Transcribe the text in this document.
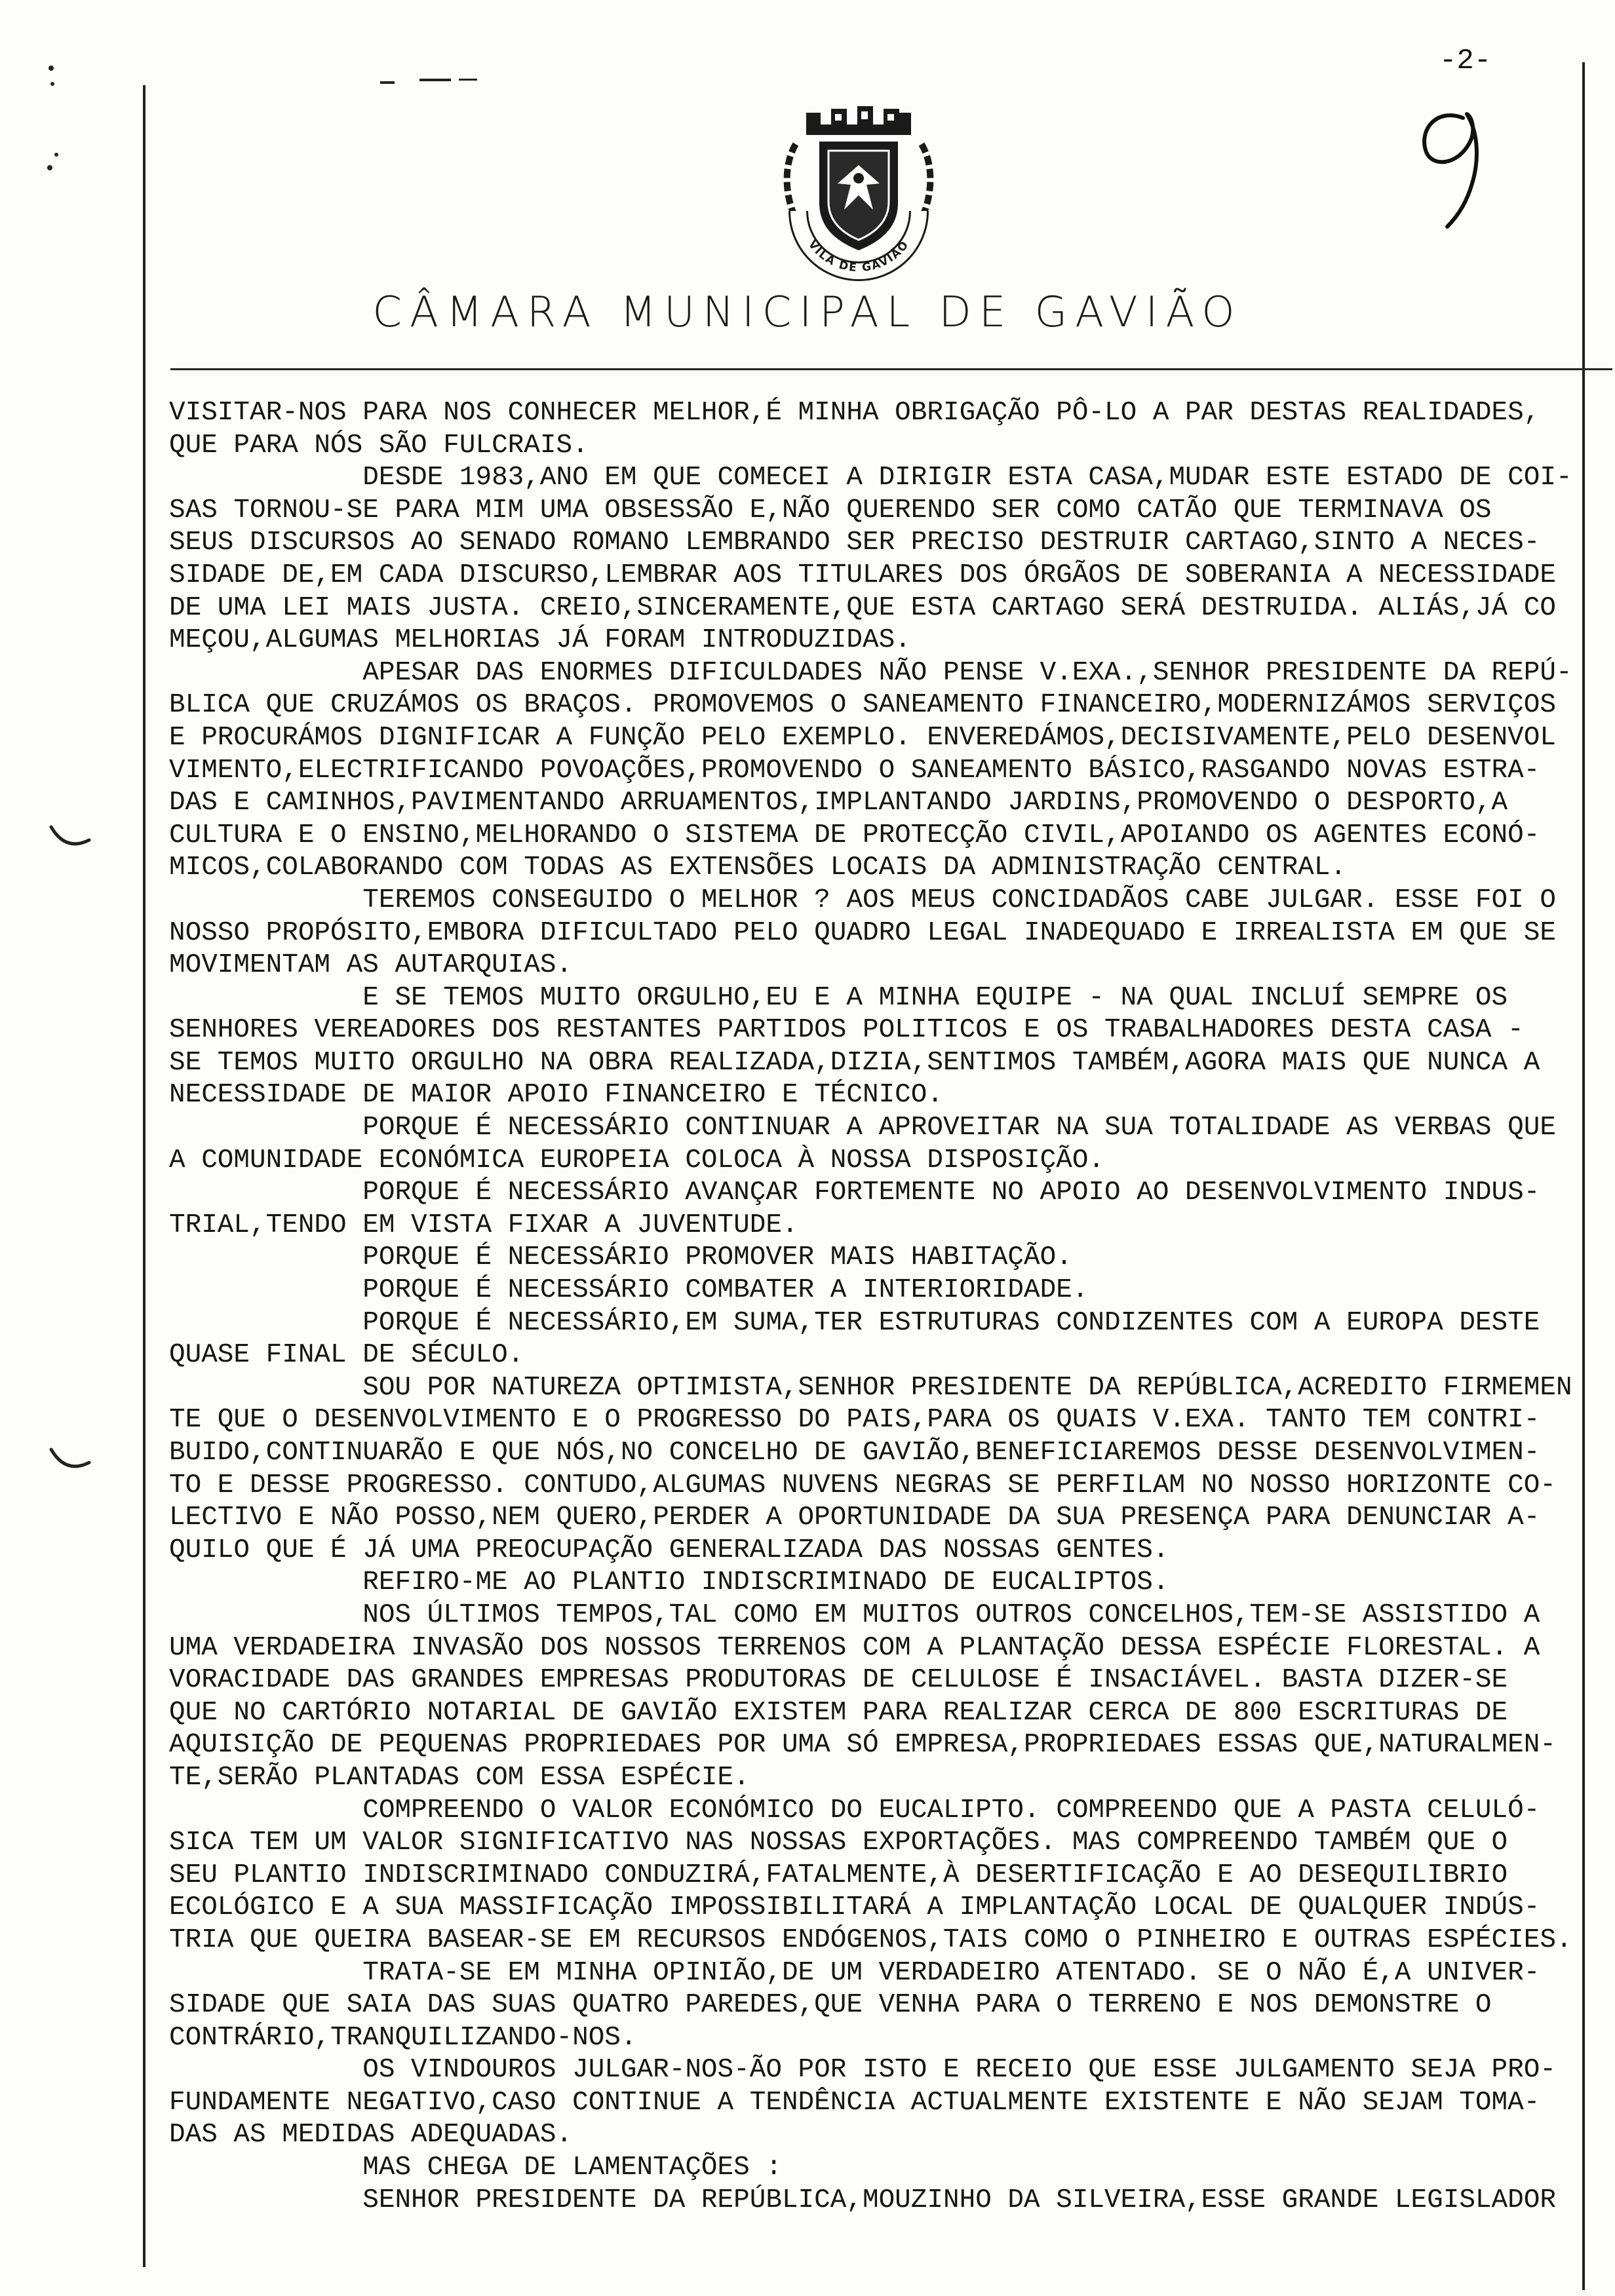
-2-
VILA DE GAVIÃO
CÂMARA MUNICIPAL DE GAVIÃO
VISITAR-NOS PARA NOS CONHECER MELHOR,É MINHA OBRIGAÇÃO PÔ-LO A PAR DESTAS REALIDADES,
QUE PARA NÓS SÃO FULCRAIS.
DESDE 1983,ANO EM QUE COMECEI A DIRIGIR ESTA CASA,MUDAR ESTE ESTADO DE COI-
SAS TORNOU-SE PARA MIM UMA OBSESSÃO E,NÃO QUERENDO SER COMO CATÃO QUE TERMINAVA OS
SEUS DISCURSOS AO SENADO ROMANO LEMBRANDO SER PRECISO DESTRUIR CARTAGO,SINTO A NECES-
SIDADE DE,EM CADA DISCURSO,LEMBRAR AOS TITULARES DOS ÓRGÃOS DE SOBERANIA A NECESSIDADE
DE UMA LEI MAIS JUSTA. CREIO,SINCERAMENTE,QUE ESTA CARTAGO SERÁ DESTRUIDA. ALIÁS,JÁ CO
MEÇOU,ALGUMAS MELHORIAS JÁ FORAM INTRODUZIDAS.
APESAR DAS ENORMES DIFICULDADES NÃO PENSE V.EXA.,SENHOR PRESIDENTE DA REPÚ-
BLICA QUE CRUZÁMOS OS BRAÇOS. PROMOVEMOS O SANEAMENTO FINANCEIRO,MODERNIZÁMOS SERVIÇOS
E PROCURÁMOS DIGNIFICAR A FUNÇÃO PELO EXEMPLO. ENVEREDÁMOS,DECISIVAMENTE,PELO DESENVOL
VIMENTO,ELECTRIFICANDO POVOAÇÕES,PROMOVENDO O SANEAMENTO BÁSICO,RASGANDO NOVAS ESTRA-
DAS E CAMINHOS,PAVIMENTANDO ARRUAMENTOS,IMPLANTANDO JARDINS,PROMOVENDO O DESPORTO,A
CULTURA E O ENSINO,MELHORANDO O SISTEMA DE PROTECÇÃO CIVIL,APOIANDO OS AGENTES ECONÓ-
MICOS,COLABORANDO COM TODAS AS EXTENSÕES LOCAIS DA ADMINISTRAÇÃO CENTRAL.
TEREMOS CONSEGUIDO O MELHOR ? AOS MEUS CONCIDADÃOS CABE JULGAR. ESSE FOI O
NOSSO PROPÓSITO,EMBORA DIFICULTADO PELO QUADRO LEGAL INADEQUADO E IRREALISTA EM QUE SE
MOVIMENTAM AS AUTARQUIAS.
E SE TEMOS MUITO ORGULHO,EU E A MINHA EQUIPE - NA QUAL INCLUÍ SEMPRE OS
SENHORES VEREADORES DOS RESTANTES PARTIDOS POLITICOS E OS TRABALHADORES DESTA CASA -
SE TEMOS MUITO ORGULHO NA OBRA REALIZADA,DIZIA,SENTIMOS TAMBÉM,AGORA MAIS QUE NUNCA A
NECESSIDADE DE MAIOR APOIO FINANCEIRO E TÉCNICO.
PORQUE É NECESSÁRIO CONTINUAR A APROVEITAR NA SUA TOTALIDADE AS VERBAS QUE
A COMUNIDADE ECONÓMICA EUROPEIA COLOCA À NOSSA DISPOSIÇÃO.
PORQUE É NECESSÁRIO AVANÇAR FORTEMENTE NO APOIO AO DESENVOLVIMENTO INDUS-
TRIAL,TENDO EM VISTA FIXAR A JUVENTUDE.
PORQUE É NECESSÁRIO PROMOVER MAIS HABITAÇÃO.
PORQUE É NECESSÁRIO COMBATER A INTERIORIDADE.
PORQUE É NECESSÁRIO,EM SUMA,TER ESTRUTURAS CONDIZENTES COM A EUROPA DESTE
QUASE FINAL DE SÉCULO.
SOU POR NATUREZA OPTIMISTA,SENHOR PRESIDENTE DA REPÚBLICA,ACREDITO FIRMEMEN
TE QUE O DESENVOLVIMENTO E O PROGRESSO DO PAIS,PARA OS QUAIS V.EXA. TANTO TEM CONTRI-
BUIDO,CONTINUARÃO E QUE NÓS,NO CONCELHO DE GAVIÃO,BENEFICIAREMOS DESSE DESENVOLVIMEN-
TO E DESSE PROGRESSO. CONTUDO,ALGUMAS NUVENS NEGRAS SE PERFILAM NO NOSSO HORIZONTE CO-
LECTIVO E NÃO POSSO,NEM QUERO,PERDER A OPORTUNIDADE DA SUA PRESENÇA PARA DENUNCIAR A-
QUILO QUE É JÁ UMA PREOCUPAÇÃO GENERALIZADA DAS NOSSAS GENTES.
REFIRO-ME AO PLANTIO INDISCRIMINADO DE EUCALIPTOS.
NOS ÚLTIMOS TEMPOS,TAL COMO EM MUITOS OUTROS CONCELHOS,TEM-SE ASSISTIDO A
UMA VERDADEIRA INVASÃO DOS NOSSOS TERRENOS COM A PLANTAÇÃO DESSA ESPÉCIE FLORESTAL. A
VORACIDADE DAS GRANDES EMPRESAS PRODUTORAS DE CELULOSE É INSACIÁVEL. BASTA DIZER-SE
QUE NO CARTÓRIO NOTARIAL DE GAVIÃO EXISTEM PARA REALIZAR CERCA DE 800 ESCRITURAS DE
AQUISIÇÃO DE PEQUENAS PROPRIEDAES POR UMA SÓ EMPRESA,PROPRIEDAES ESSAS QUE,NATURALMEN-
TE,SERÃO PLANTADAS COM ESSA ESPÉCIE.
COMPREENDO O VALOR ECONÓMICO DO EUCALIPTO. COMPREENDO QUE A PASTA CELULÓ-
SICA TEM UM VALOR SIGNIFICATIVO NAS NOSSAS EXPORTAÇÕES. MAS COMPREENDO TAMBÉM QUE O
SEU PLANTIO INDISCRIMINADO CONDUZIRÁ,FATALMENTE,À DESERTIFICAÇÃO E AO DESEQUILIBRIO
ECOLÓGICO E A SUA MASSIFICAÇÃO IMPOSSIBILITARÁ A IMPLANTAÇÃO LOCAL DE QUALQUER INDÚS-
TRIA QUE QUEIRA BASEAR-SE EM RECURSOS ENDÓGENOS,TAIS COMO O PINHEIRO E OUTRAS ESPÉCIES.
TRATA-SE EM MINHA OPINIÃO,DE UM VERDADEIRO ATENTADO. SE O NÃO É,A UNIVER-
SIDADE QUE SAIA DAS SUAS QUATRO PAREDES,QUE VENHA PARA O TERRENO E NOS DEMONSTRE O
CONTRÁRIO,TRANQUILIZANDO-NOS.
OS VINDOUROS JULGAR-NOS-ÃO POR ISTO E RECEIO QUE ESSE JULGAMENTO SEJA PRO-
FUNDAMENTE NEGATIVO,CASO CONTINUE A TENDÊNCIA ACTUALMENTE EXISTENTE E NÃO SEJAM TOMA-
DAS AS MEDIDAS ADEQUADAS.
MAS CHEGA DE LAMENTAÇÕES :
SENHOR PRESIDENTE DA REPÚBLICA,MOUZINHO DA SILVEIRA,ESSE GRANDE LEGISLADOR
